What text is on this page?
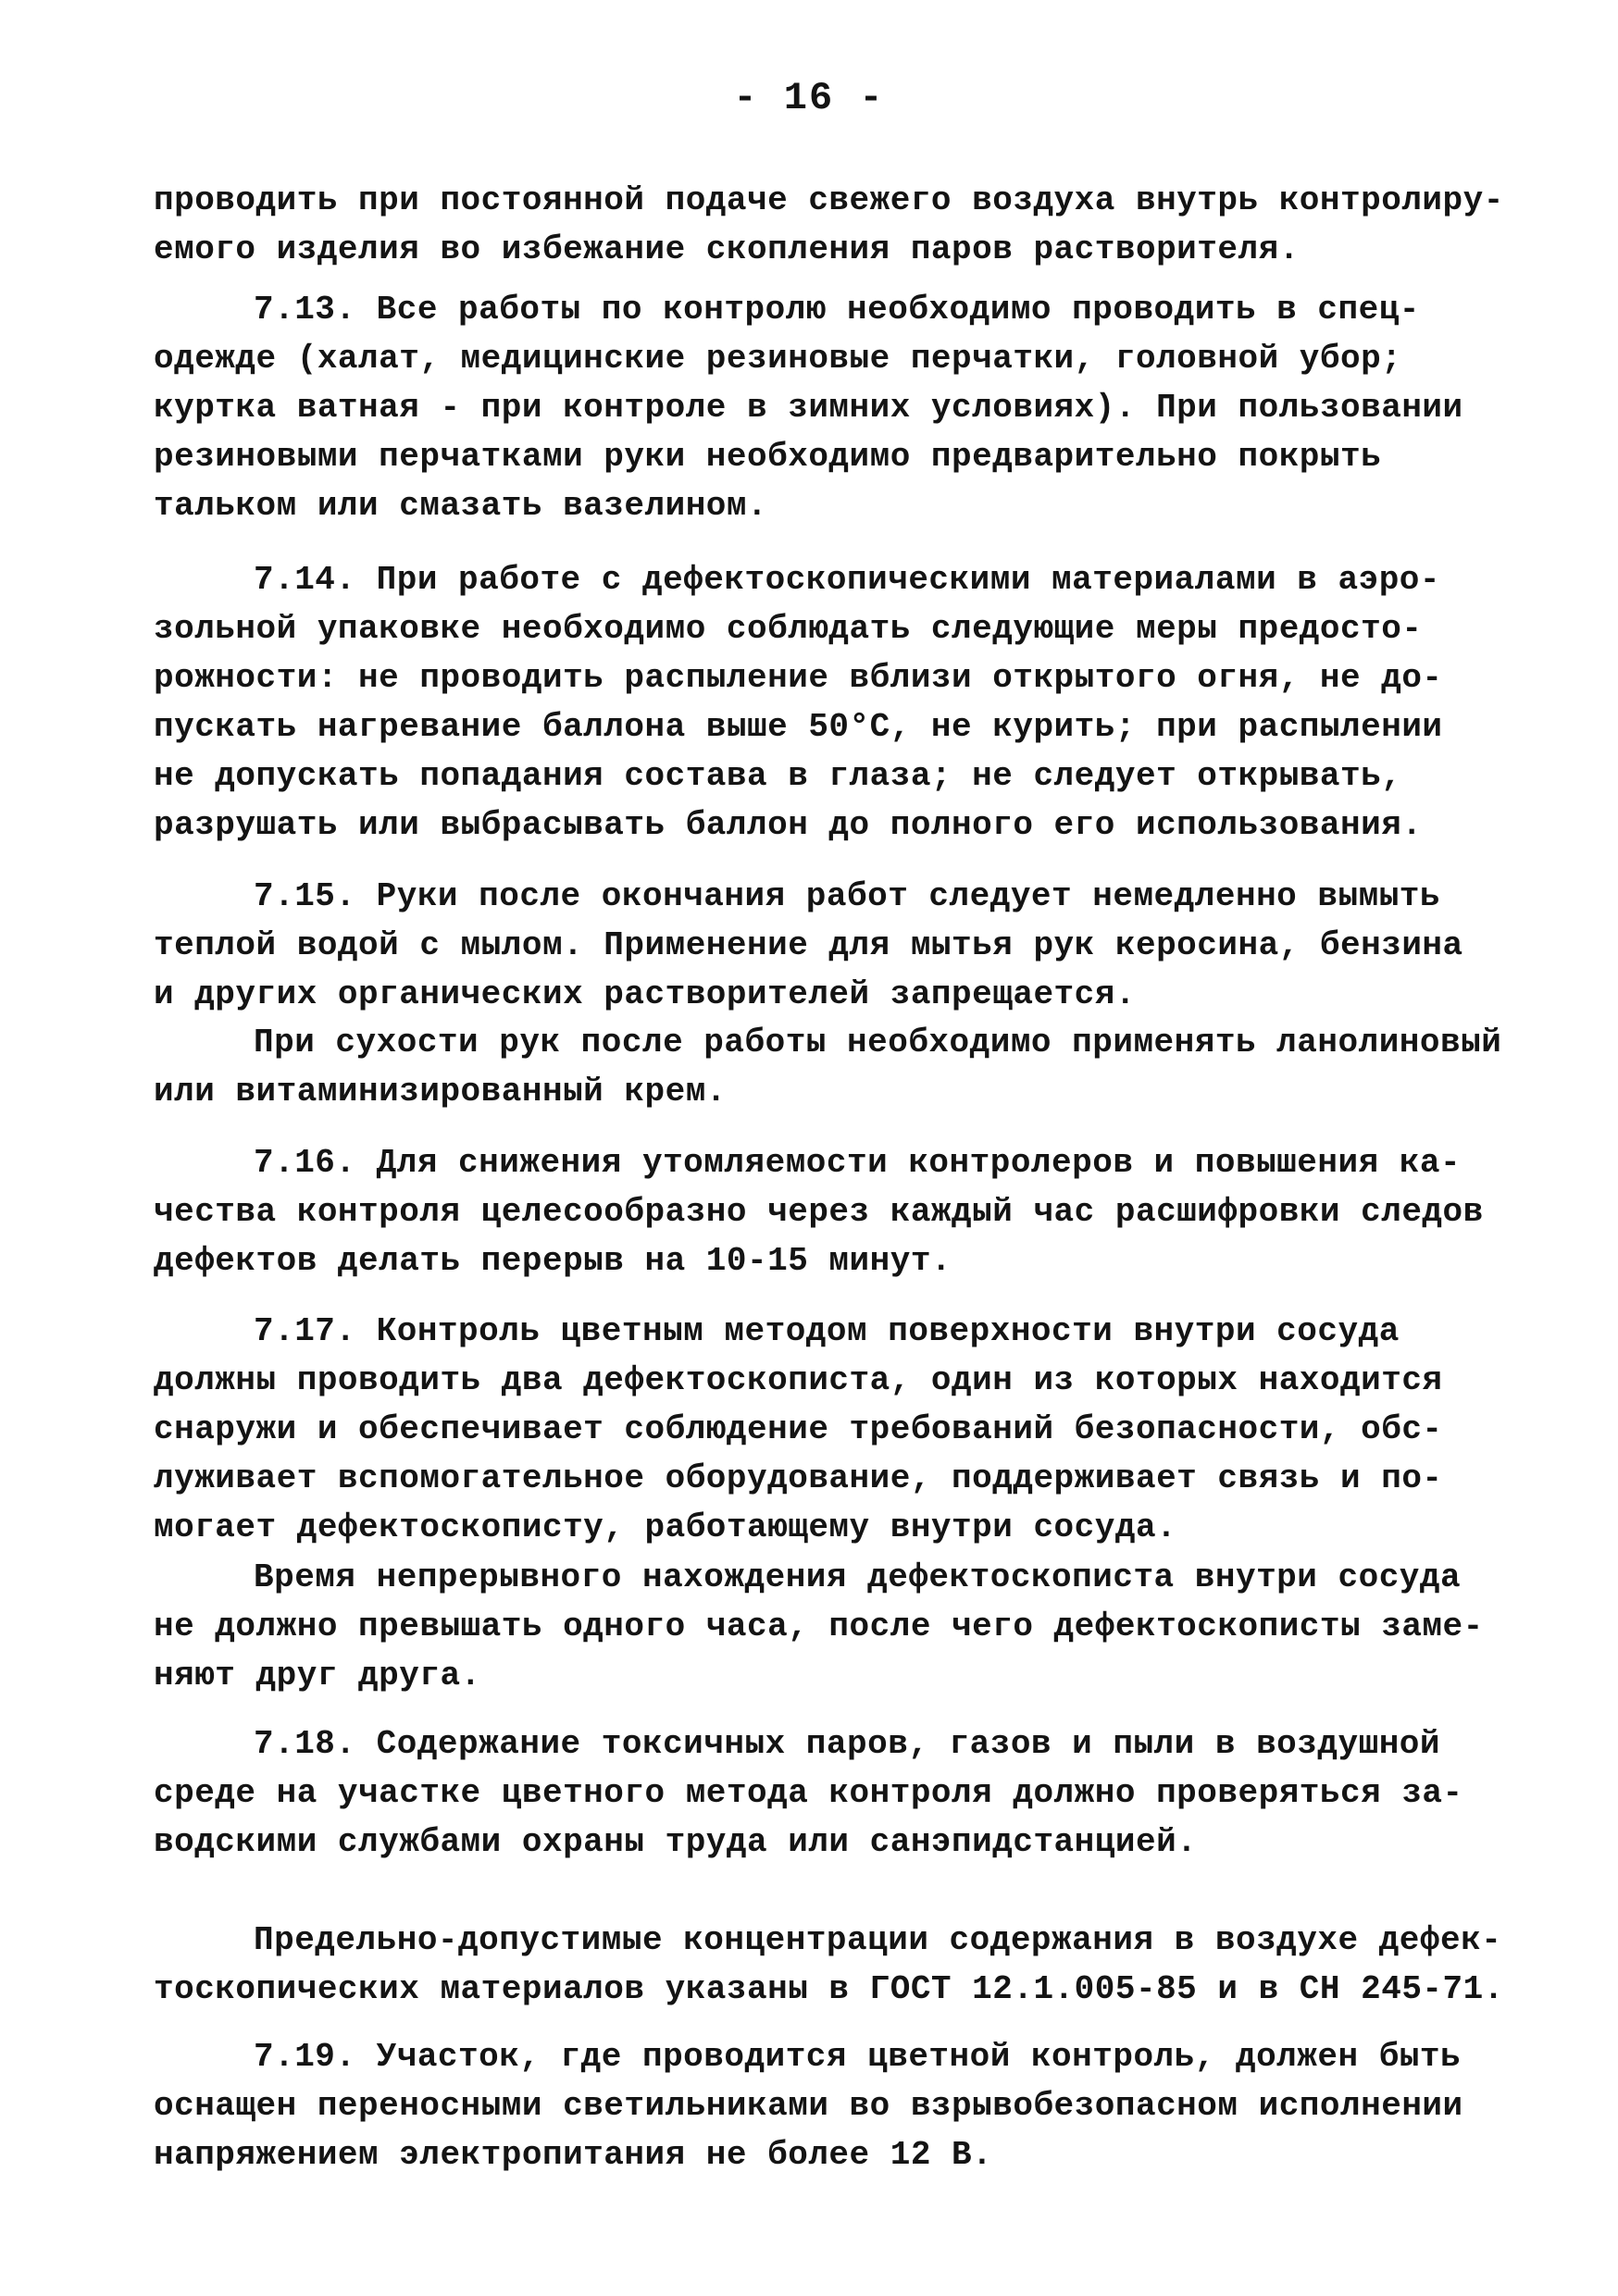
- 16 -
проводить при постоянной подаче свежего воздуха внутрь контролиру-
емого изделия во избежание скопления паров растворителя.
7.13. Все работы по контролю необходимо проводить в спец-
одежде (халат, медицинские резиновые перчатки, головной убор;
куртка ватная - при контроле в зимних условиях). При пользовании
резиновыми перчатками руки необходимо предварительно покрыть
тальком или смазать вазелином.
7.14. При работе с дефектоскопическими материалами в аэро-
зольной упаковке необходимо соблюдать следующие меры предосто-
рожности: не проводить распыление вблизи открытого огня, не до-
пускать нагревание баллона выше 50°С, не курить; при распылении
не допускать попадания состава в глаза; не следует открывать,
разрушать или выбрасывать баллон до полного его использования.
7.15. Руки после окончания работ следует немедленно вымыть
теплой водой с мылом. Применение для мытья рук керосина, бензина
и других органических растворителей запрещается.
При сухости рук после работы необходимо применять ланолиновый
или витаминизированный крем.
7.16. Для снижения утомляемости контролеров и повышения ка-
чества контроля целесообразно через каждый час расшифровки следов
дефектов делать перерыв на 10-15 минут.
7.17. Контроль цветным методом поверхности внутри сосуда
должны проводить два дефектоскописта, один из которых находится
снаружи и обеспечивает соблюдение требований безопасности, обс-
луживает вспомогательное оборудование, поддерживает связь и по-
могает дефектоскописту, работающему внутри сосуда.
Время непрерывного нахождения дефектоскописта внутри сосуда
не должно превышать одного часа, после чего дефектоскописты заме-
няют друг друга.
7.18. Содержание токсичных паров, газов и пыли в воздушной
среде на участке цветного метода контроля должно проверяться за-
водскими службами охраны труда или санэпидстанцией.
Предельно-допустимые концентрации содержания в воздухе дефек-
тоскопических материалов указаны в ГОСТ 12.1.005-85 и в СН 245-71.
7.19. Участок, где проводится цветной контроль, должен быть
оснащен переносными светильниками во взрывобезопасном исполнении
напряжением электропитания не более 12 В.
